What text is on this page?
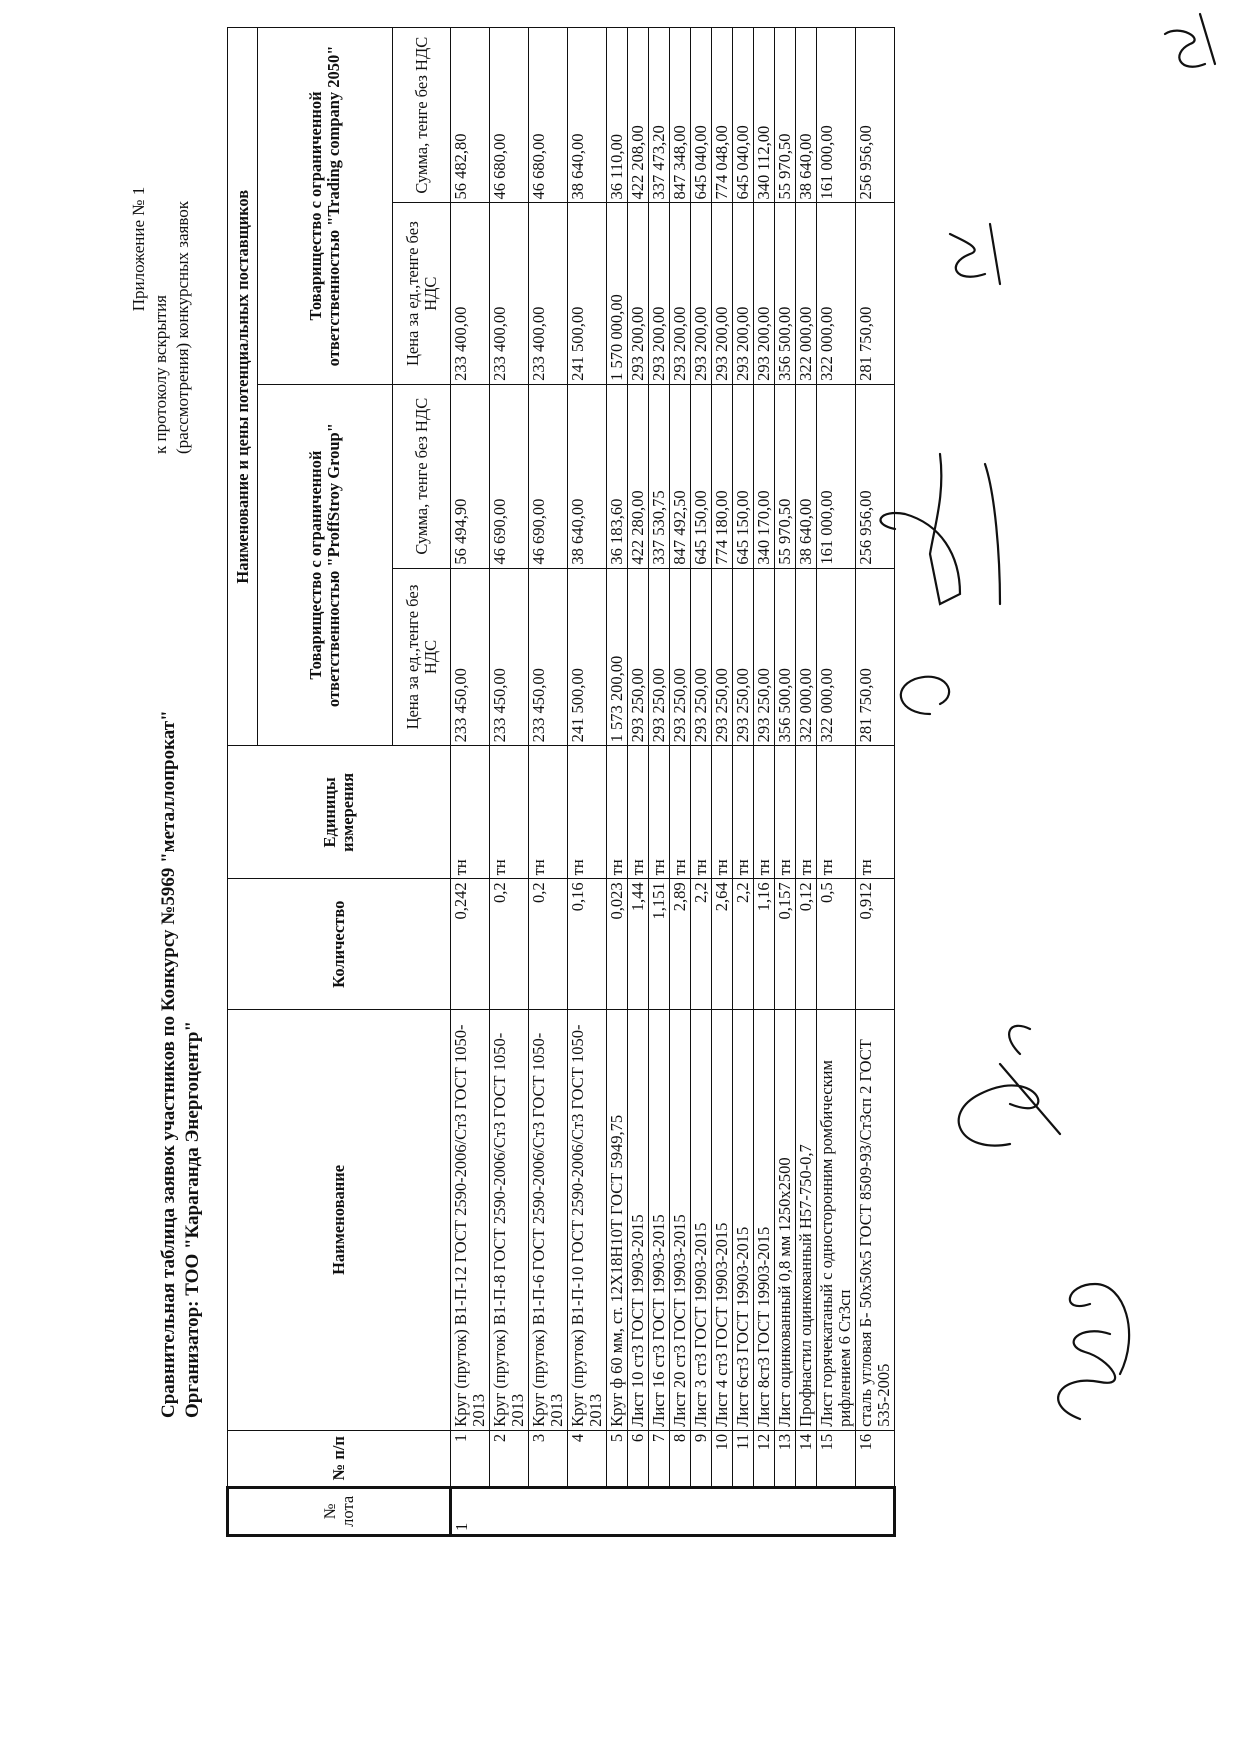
Сравнительная таблица заявок участников по Конкурсу №5969 "металлопрокат" Организатор: ТОО "Караганда Энергоцентр"
Приложение № 1
к протоколу вскрытия (рассмотрения) конкурсных заявок
№ лота	№ п/п	Наименование	Количество	Единицы измерения	Наименование и цены потенциальных поставщиков			
					Товарищество с ограниченной ответственностью "ProffStroy Group"		Товарищество с ограниченной ответственностью "Trading company 2050"	
					Цена за ед.,тенге без НДС	Сумма, тенге без НДС	Цена за ед.,тенге без НДС	Сумма, тенге без НДС
1	1	Круг (пруток) В1-П-12 ГОСТ 2590-2006/Ст3 ГОСТ 1050-2013	0,242	тн	233 450,00	56 494,90	233 400,00	56 482,80
	2	Круг (пруток) В1-П-8 ГОСТ 2590-2006/Ст3 ГОСТ 1050-2013	0,2	тн	233 450,00	46 690,00	233 400,00	46 680,00
	3	Круг (пруток) В1-П-6 ГОСТ 2590-2006/Ст3 ГОСТ 1050-2013	0,2	тн	233 450,00	46 690,00	233 400,00	46 680,00
	4	Круг (пруток) В1-П-10 ГОСТ 2590-2006/Ст3 ГОСТ 1050-2013	0,16	тн	241 500,00	38 640,00	241 500,00	38 640,00
	5	Круг ф 60 мм, ст. 12Х18Н10Т ГОСТ 5949,75	0,023	тн	1 573 200,00	36 183,60	1 570 000,00	36 110,00
	6	Лист 10 ст3 ГОСТ 19903-2015	1,44	тн	293 250,00	422 280,00	293 200,00	422 208,00
	7	Лист 16 ст3 ГОСТ 19903-2015	1,151	тн	293 250,00	337 530,75	293 200,00	337 473,20
	8	Лист 20 ст3 ГОСТ 19903-2015	2,89	тн	293 250,00	847 492,50	293 200,00	847 348,00
	9	Лист 3 ст3 ГОСТ 19903-2015	2,2	тн	293 250,00	645 150,00	293 200,00	645 040,00
	10	Лист 4 ст3 ГОСТ 19903-2015	2,64	тн	293 250,00	774 180,00	293 200,00	774 048,00
	11	Лист 6ст3 ГОСТ 19903-2015	2,2	тн	293 250,00	645 150,00	293 200,00	645 040,00
	12	Лист 8ст3 ГОСТ 19903-2015	1,16	тн	293 250,00	340 170,00	293 200,00	340 112,00
	13	Лист оцинкованный 0,8 мм 1250х2500	0,157	тн	356 500,00	55 970,50	356 500,00	55 970,50
	14	Профнастил оцинкованный Н57-750-0,7	0,12	тн	322 000,00	38 640,00	322 000,00	38 640,00
	15	Лист горячекатаный с односторонним ромбическим рифлением 6 Ст3сп	0,5	тн	322 000,00	161 000,00	322 000,00	161 000,00
	16	сталь угловая Б- 50х50х5 ГОСТ 8509-93/Ст3сп 2 ГОСТ 535-2005	0,912	тн	281 750,00	256 956,00	281 750,00	256 956,00
